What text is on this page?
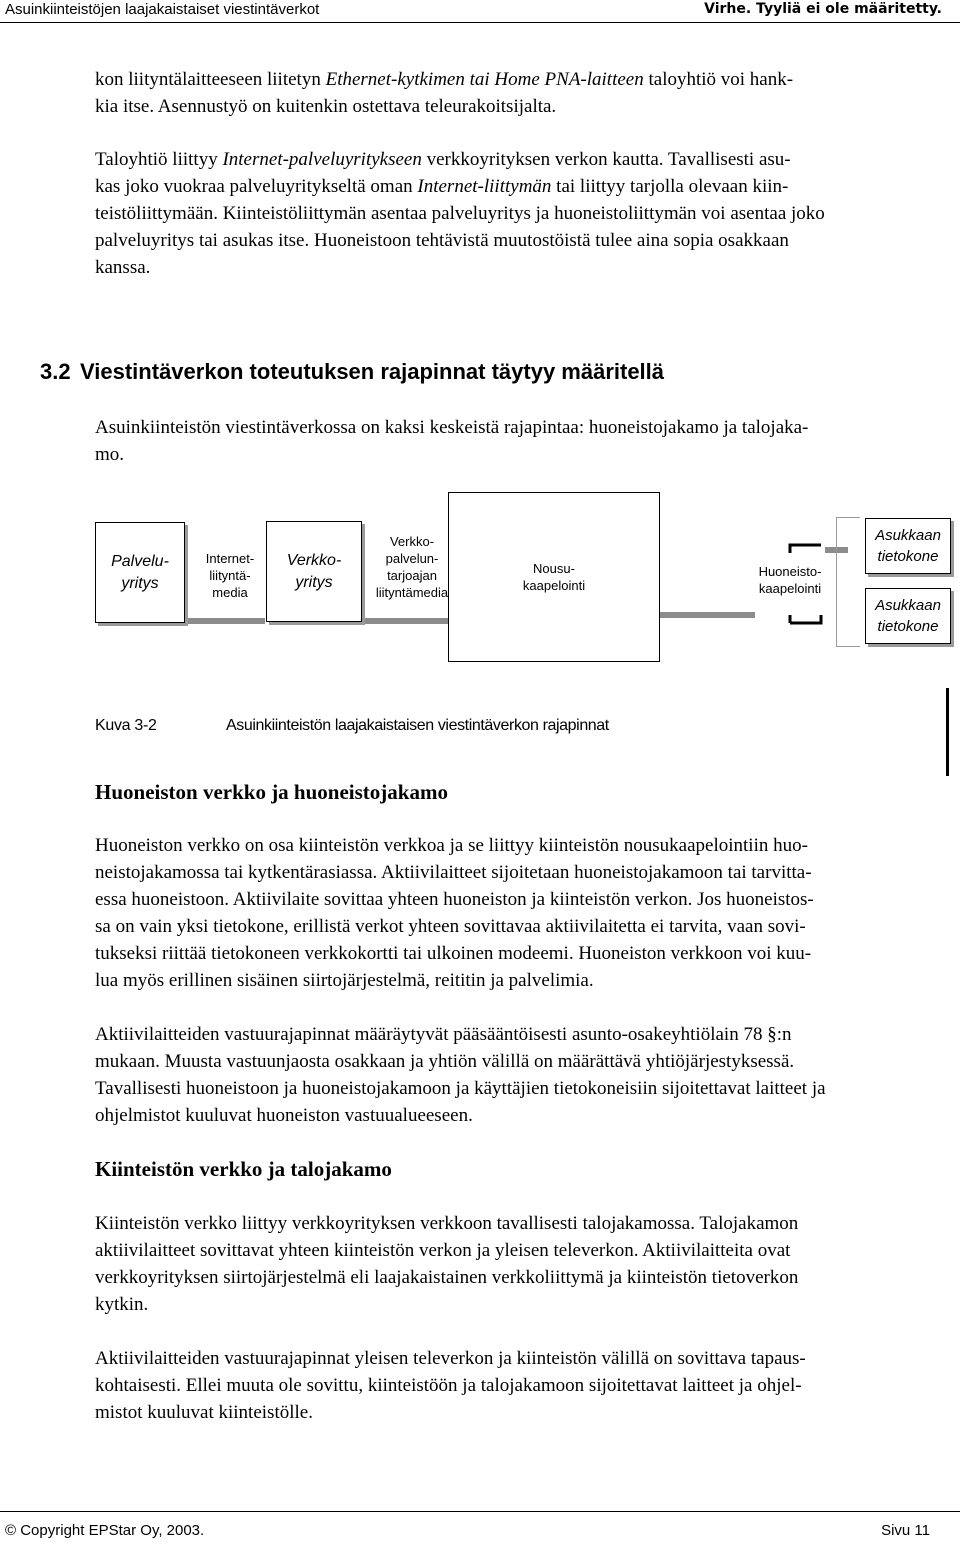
Asuinkiinteistöjen laajakaistaiset viestintäverkot	Virhe. Tyyliä ei ole määritetty.
kon liityntälaitteeseen liitetyn Ethernet-kytkimen tai Home PNA-laitteen taloyhtiö voi hank-
kia itse. Asennustyö on kuitenkin ostettava teleurakoitsijalta.
Taloyhtiö liittyy Internet-palveluyritykseen verkkoyrityksen verkon kautta. Tavallisesti asu-
kas joko vuokraa palveluyritykseltä oman Internet-liittymän tai liittyy tarjolla olevaan kiin-
teistöliittymään. Kiinteistöliittymän asentaa palveluyritys ja huoneistoliittymän voi asentaa joko
palveluyritys tai asukas itse. Huoneistoon tehtävistä muutostöistä tulee aina sopia osakkaan
kanssa.
3.2 Viestintäverkon toteutuksen rajapinnat täytyy määritellä
Asuinkiinteistön viestintäverkossa on kaksi keskeistä rajapintaa: huoneistojakamo ja talojaka-
mo.
Palvelu-
yritys
Internet-
liityntä-
media
Verkko-
yritys
Verkko-
palvelun-
tarjoajan
liityntämedia
Nousu-
kaapelointi
Huoneisto-
kaapelointi
Asukkaan
tietokone
Asukkaan
tietokone
Kuva 3-2	Asuinkiinteistön laajakaistaisen viestintäverkon rajapinnat
Huoneiston verkko ja huoneistojakamo
Huoneiston verkko on osa kiinteistön verkkoa ja se liittyy kiinteistön nousukaapelointiin huo-
neistojakamossa tai kytkentärasiassa. Aktiivilaitteet sijoitetaan huoneistojakamoon tai tarvitta-
essa huoneistoon. Aktiivilaite sovittaa yhteen huoneiston ja kiinteistön verkon. Jos huoneistos-
sa on vain yksi tietokone, erillistä verkot yhteen sovittavaa aktiivilaitetta ei tarvita, vaan sovi-
tukseksi riittää tietokoneen verkkokortti tai ulkoinen modeemi. Huoneiston verkkoon voi kuu-
lua myös erillinen sisäinen siirtojärjestelmä, reititin ja palvelimia.
Aktiivilaitteiden vastuurajapinnat määräytyvät pääsääntöisesti asunto-osakeyhtiölain 78 §:n
mukaan. Muusta vastuunjaosta osakkaan ja yhtiön välillä on määrättävä yhtiöjärjestyksessä.
Tavallisesti huoneistoon ja huoneistojakamoon ja käyttäjien tietokoneisiin sijoitettavat laitteet ja
ohjelmistot kuuluvat huoneiston vastuualueeseen.
Kiinteistön verkko ja talojakamo
Kiinteistön verkko liittyy verkkoyrityksen verkkoon tavallisesti talojakamossa. Talojakamon
aktiivilaitteet sovittavat yhteen kiinteistön verkon ja yleisen televerkon. Aktiivilaitteita ovat
verkkoyrityksen siirtojärjestelmä eli laajakaistainen verkkoliittymä ja kiinteistön tietoverkon
kytkin.
Aktiivilaitteiden vastuurajapinnat yleisen televerkon ja kiinteistön välillä on sovittava tapaus-
kohtaisesti. Ellei muuta ole sovittu, kiinteistöön ja talojakamoon sijoitettavat laitteet ja ohjel-
mistot kuuluvat kiinteistölle.
© Copyright EPStar Oy, 2003.	Sivu 11
